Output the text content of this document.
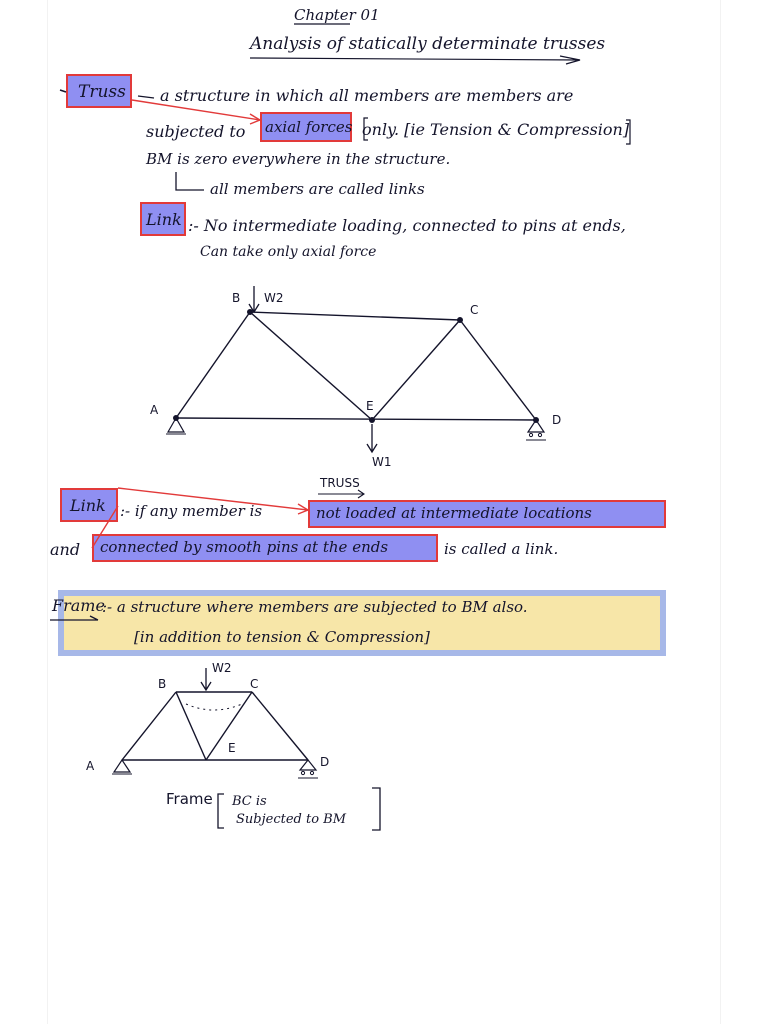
Chapter 01
Analysis of statically determinate trusses
Truss a structure in which all members are members are
subjected to axial forces only. [ie Tension & Compression]
BM is zero everywhere in the structure.
all members are called links
Link :- No intermediate loading, connected to pins at ends,
Can take only axial force
TRUSS
Link :- if any member is	not loaded at intermediate locations
and connected by smooth pins at the ends	is called a link.
Frame
:- a structure where members are subjected to BM also.
[in addition to tension & Compression]
Frame BC is
Subjected to BM
B W2
C
A	E
D
W1
B	C
W2
A
E
D
